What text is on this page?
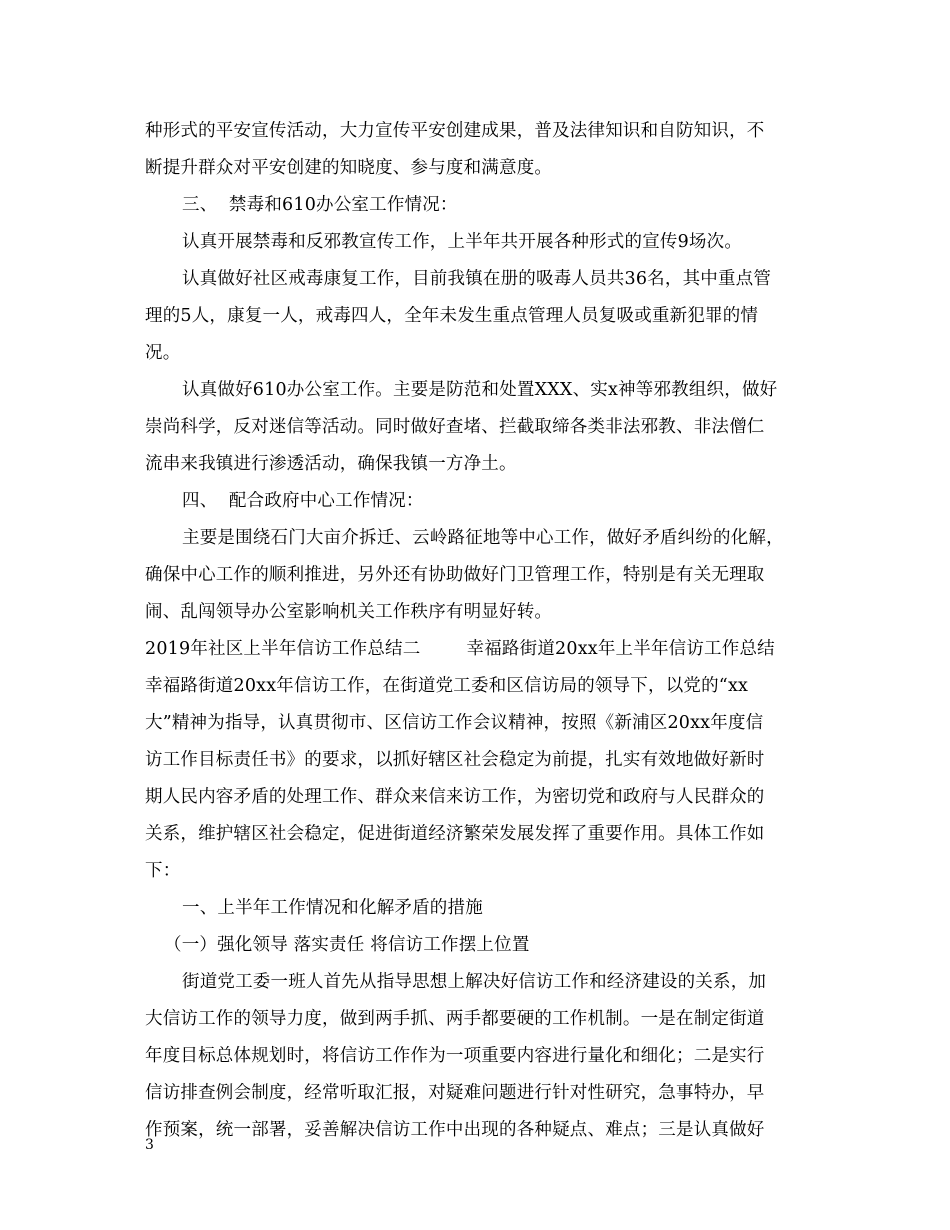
种形式的平安宣传活动，大力宣传平安创建成果，普及法律知识和自防知识，不
断提升群众对平安创建的知晓度、参与度和满意度。
三、  禁毒和610办公室工作情况：
认真开展禁毒和反邪教宣传工作，上半年共开展各种形式的宣传9场次。
认真做好社区戒毒康复工作，目前我镇在册的吸毒人员共36名，其中重点管
理的5人，康复一人，戒毒四人，全年未发生重点管理人员复吸或重新犯罪的情
况。
认真做好610办公室工作。主要是防范和处置XXX、实x神等邪教组织，做好
崇尚科学，反对迷信等活动。同时做好查堵、拦截取缔各类非法邪教、非法僧仁
流串来我镇进行渗透活动，确保我镇一方净土。
四、  配合政府中心工作情况：
主要是围绕石门大亩介拆迁、云岭路征地等中心工作，做好矛盾纠纷的化解，
确保中心工作的顺利推进，另外还有协助做好门卫管理工作，特别是有关无理取
闹、乱闯领导办公室影响机关工作秩序有明显好转。
2019年社区上半年信访工作总结二        幸福路街道20xx年上半年信访工作总结
幸福路街道20xx年信访工作，在街道党工委和区信访局的领导下，以党的“xx
大”精神为指导，认真贯彻市、区信访工作会议精神，按照《新浦区20xx年度信
访工作目标责任书》的要求，以抓好辖区社会稳定为前提，扎实有效地做好新时
期人民内容矛盾的处理工作、群众来信来访工作，为密切党和政府与人民群众的
关系，维护辖区社会稳定，促进街道经济繁荣发展发挥了重要作用。具体工作如
下：
一、上半年工作情况和化解矛盾的措施
（一）强化领导 落实责任 将信访工作摆上位置
街道党工委一班人首先从指导思想上解决好信访工作和经济建设的关系，加
大信访工作的领导力度，做到两手抓、两手都要硬的工作机制。一是在制定街道
年度目标总体规划时，将信访工作作为一项重要内容进行量化和细化；二是实行
信访排查例会制度，经常听取汇报，对疑难问题进行针对性研究，急事特办，早
作预案，统一部署，妥善解决信访工作中出现的各种疑点、难点；三是认真做好
3
